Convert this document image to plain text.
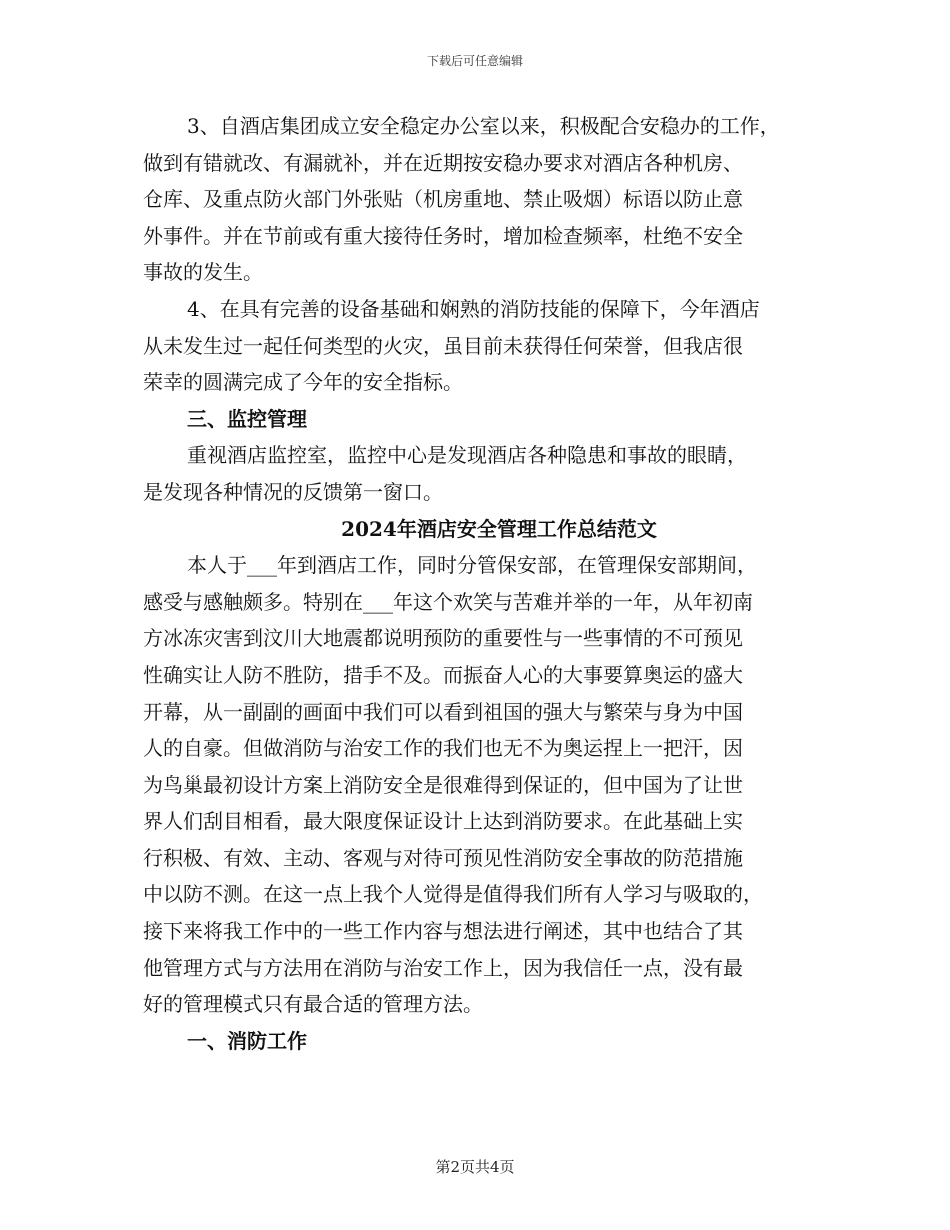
下载后可任意编辑
3、自酒店集团成立安全稳定办公室以来，积极配合安稳办的工作，
做到有错就改、有漏就补，并在近期按安稳办要求对酒店各种机房、
仓库、及重点防火部门外张贴（机房重地、禁止吸烟）标语以防止意
外事件。并在节前或有重大接待任务时，增加检查频率，杜绝不安全
事故的发生。
4、在具有完善的设备基础和娴熟的消防技能的保障下，今年酒店
从未发生过一起任何类型的火灾，虽目前未获得任何荣誉，但我店很
荣幸的圆满完成了今年的安全指标。
三、监控管理
重视酒店监控室，监控中心是发现酒店各种隐患和事故的眼睛，
是发现各种情况的反馈第一窗口。
2024年酒店安全管理工作总结范文
本人于___年到酒店工作，同时分管保安部，在管理保安部期间，
感受与感触颇多。特别在___年这个欢笑与苦难并举的一年，从年初南
方冰冻灾害到汶川大地震都说明预防的重要性与一些事情的不可预见
性确实让人防不胜防，措手不及。而振奋人心的大事要算奥运的盛大
开幕，从一副副的画面中我们可以看到祖国的强大与繁荣与身为中国
人的自豪。但做消防与治安工作的我们也无不为奥运捏上一把汗，因
为鸟巢最初设计方案上消防安全是很难得到保证的，但中国为了让世
界人们刮目相看，最大限度保证设计上达到消防要求。在此基础上实
行积极、有效、主动、客观与对待可预见性消防安全事故的防范措施
中以防不测。在这一点上我个人觉得是值得我们所有人学习与吸取的，
接下来将我工作中的一些工作内容与想法进行阐述，其中也结合了其
他管理方式与方法用在消防与治安工作上，因为我信任一点，没有最
好的管理模式只有最合适的管理方法。
一、消防工作
第2页共4页
